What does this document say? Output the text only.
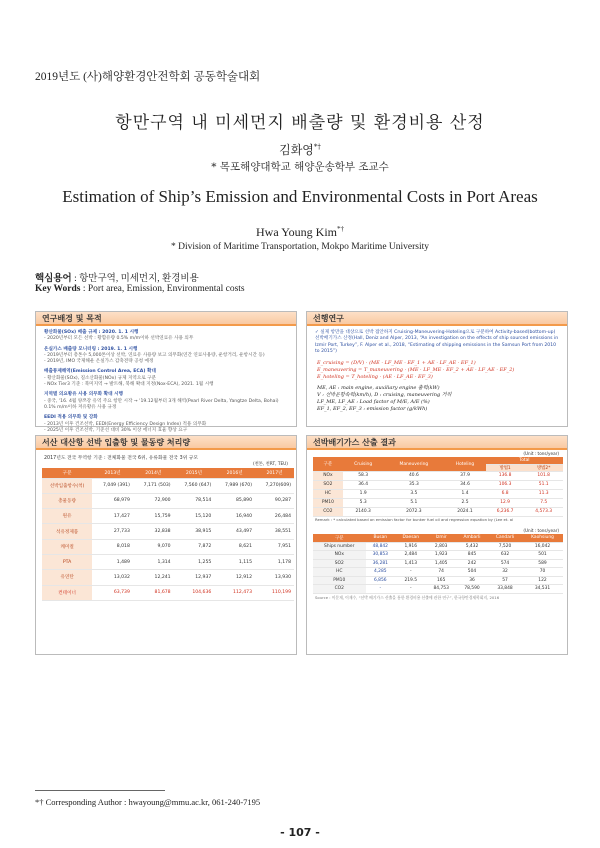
2019년도 (사)해양환경안전학회 공동학술대회
항만구역 내 미세먼지 배출량 및 환경비용 산정
김화영*†
* 목포해양대학교 해양운송학부 조교수
Estimation of Ship’s Emission and Environmental Costs in Port Areas
Hwa Young Kim*†
* Division of Maritime Transportation, Mokpo Maritime University
핵심용어 : 항만구역, 미세먼지, 환경비용
Key Words : Port area, Emission, Environmental costs
연구배경 및 목적
황산화물(SOx) 배출 규제 : 2020. 1. 1 시행
- 2020년부터 모든 선박 : 황함유량 0.5% m/m이하 선박연료유 사용 의무
온실가스 배출량 모니터링 : 2019. 1. 1 시행
- 2019년부터 총톤수 5,000톤이상 선박, 연료유 사용량 보고 의무화(연간 연료사용량, 운항거리, 운항시간 등)
- 2019년, IMO 국제해운 온실가스 감축전략 공청 예정
배출통제해역(Emission Control Area, ECA) 확대
- 황산화물(SOx), 질소산화물(NOx) 규제 지역으로 구분
- NOx Tier3 기준 : 북미지역 → 발트해, 북해 확대 지정(Nox-ECA), 2021. 1월 시행
지역별 의요황유 사용 의무화 확대 시행
- 중국, '16. 4월 양쯔강 유역 주요 항만 시작 → '19.12월부터 3개 해역(Pearl River Delta, Yangtze Delta, Bohai)
0.1% m/m이하 저유황유 사용 규정
EEDI 적용 의무화 및 강화
- 2013년 이후 건조선박, EEDI(Energy Efficiency Design Index) 적용 의무화
- 2025년 이후 건조선박, 기준선 대비 30% 이상 에너지 효율 향상 요구
선행연구
✓ 실제 항만을 대상으로 선박 접안하지 Cruising-Maneuvering-Hoteling으로 구분하여 Activity-based(bottom-up)선박배기가스 산정(Hall, Deniz and Alper, 2013, “An investigation on the effects of ship sourced emissions in Izmir Port, Turkey”, F. Alper et al., 2018, “Estimating of shipping emissions in the Samsun Port from 2010 to 2015”)
E_cruising = (D/V) · (ME · LF_ME · EF_1 + AE · LF_AE · EF_1)
E_maneuvering = T_maneuvering · (ME · LF_ME · EF_2 + AE · LF_AE · EF_2)
E_hoteling = T_hoteling · (AE · LF_AE · EF_3)
ME, AE : main engine, auxiliary engine 출력(kW)
V : 선박운항속력(km/h), D : cruising, maneuvering 거리
LF_ME, LF_AE : Load factor of M/E, A/E (%)
EF_1, EF_2, EF_3 : emission factor (g/kWh)
서산 대산항 선박 입출항 및 물동량 처리량
2017년도 전국 무역항 기준 : 전체화물 전국 6위, 유류화물 전국 3위 규모
(천톤, 천RT, TEU)
구분	2013년	2014년	2015년	2016년	2017년
선박입출항수(척)	7,049 (391)	7,171 (503)	7,560 (647)	7,989 (670)	7,270(609)
총물동량	68,979	72,900	78,514	85,890	90,287
원유	17,427	15,759	15,120	16,940	26,484
석유정제품	27,733	32,838	38,915	43,497	38,551
케미컬	8,018	9,070	7,872	8,621	7,951
PTA	1,489	1,314	1,255	1,115	1,178
유연탄	13,032	12,241	12,937	12,912	13,930
컨테이너	63,739	81,678	104,636	112,473	110,199
선박배기가스 산출 결과
(Unit : tons/year)
구분	Cruising	Maneuvering	Hoteling	Total	
				방법1	방법2*
NOx	58.3	40.6	37.9	136.8	101.8
SO2	36.4	35.3	34.6	106.3	51.1
HC	1.9	3.5	1.4	6.8	11.3
PM10	5.3	5.1	2.5	12.9	7.5
CO2	2140.3	2072.3	2024.1	6,236.7	4,573.3
Remark : * calculated based on emission factor for bunker fuel oil and regression equation by (Lee et. al
(Unit : tons/year)
구분	Busan	Daesan	Izmir	Ambarli	Candarli	Kaohsiung
Ships number	48,842	1,916	2,803	5,432	7,520	16,042
NOx	30,853	2,484	1,923	845	632	501
SO2	36,281	1,413	1,405	242	574	589
HC	4,285	-	74	504	32	70
PM10	6,856	219.5	165	36	57	122
CO2	-	-	84,753	78,590	33,848	34,531
Source : 이문재, 이재수, “선박 배기가스 산출을 통한 환경비용 산출에 관한 연구”, 한국항만경제학회지, 2016
*† Corresponding Author : hwayoung@mmu.ac.kr, 061-240-7195
- 107 -
